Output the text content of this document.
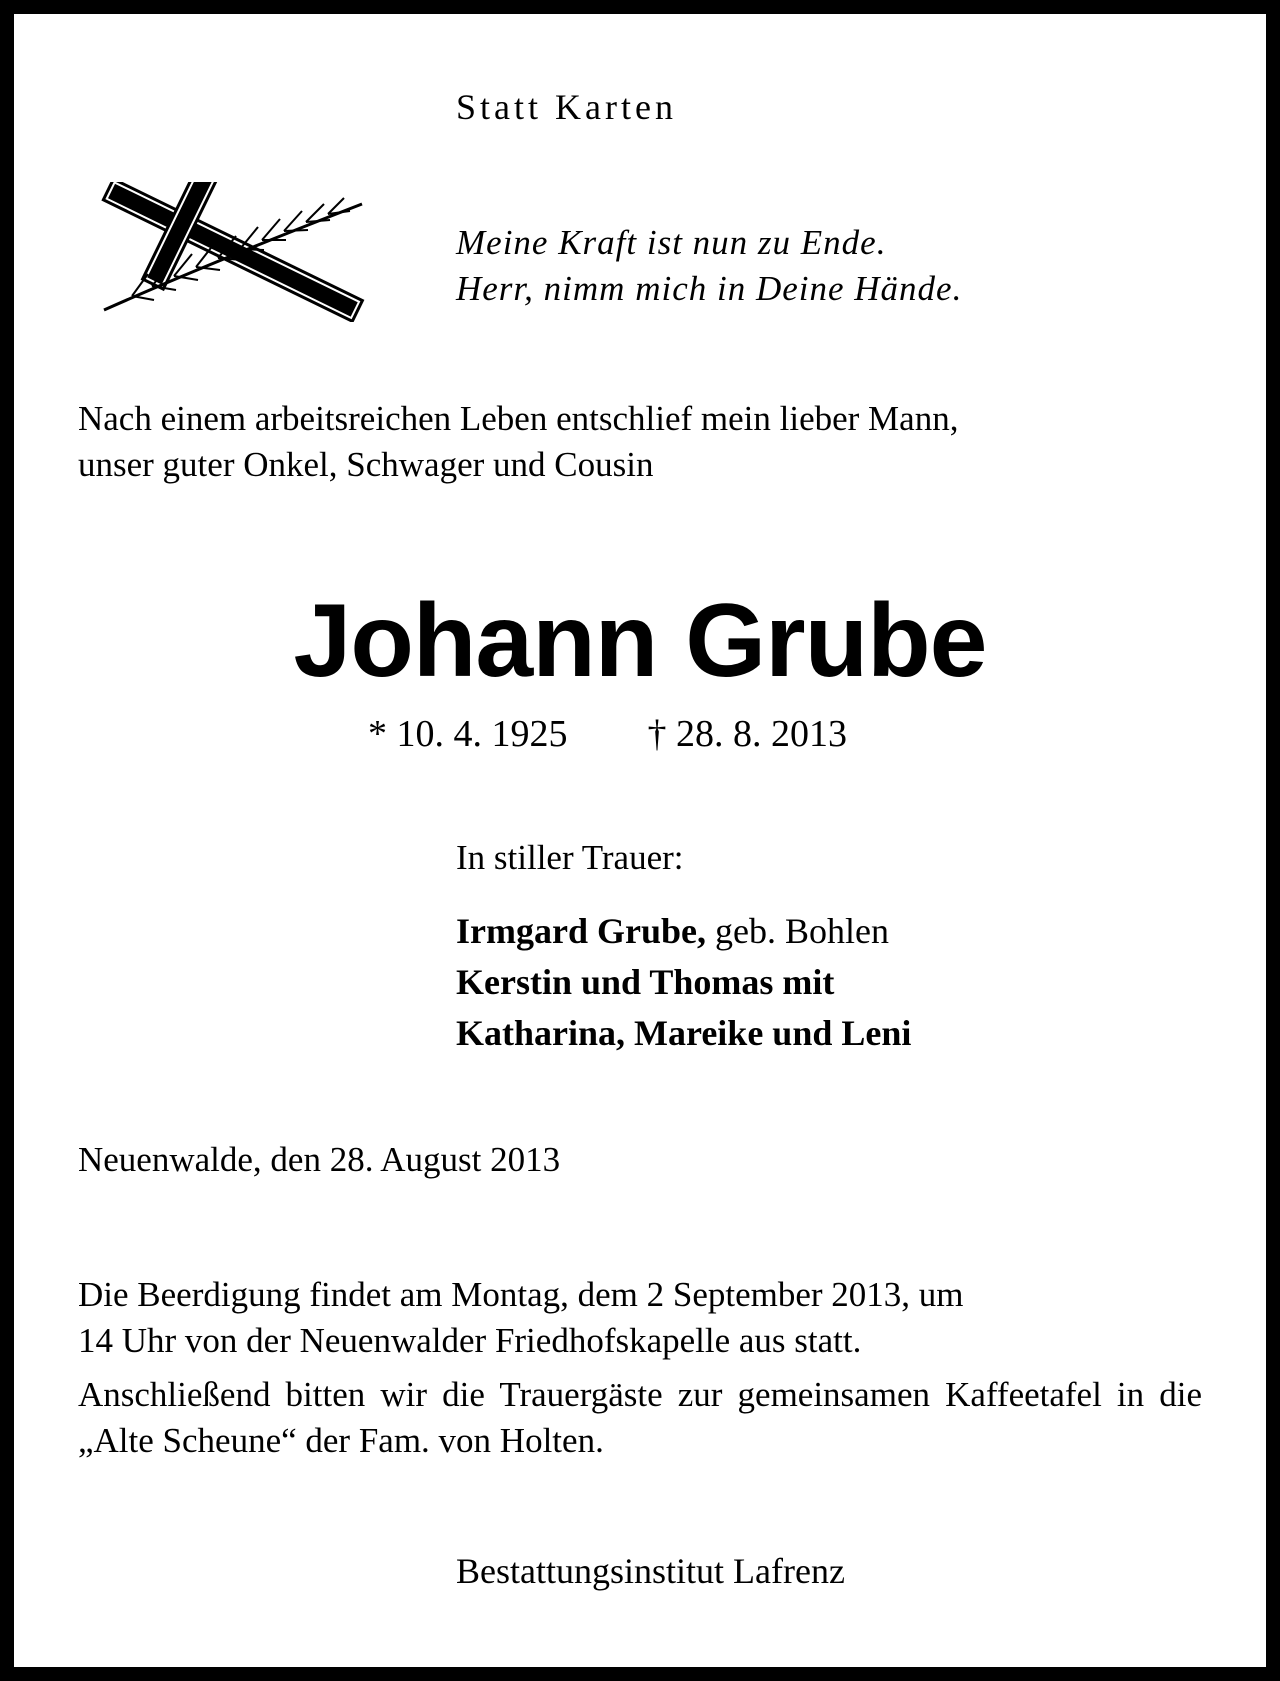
Statt Karten
Meine Kraft ist nun zu Ende.
Herr, nimm mich in Deine Hände.
Nach einem arbeitsreichen Leben entschlief mein lieber Mann,
unser guter Onkel, Schwager und Cousin
Johann Grube
* 10. 4. 1925 † 28. 8. 2013
In stiller Trauer:
Irmgard Grube, geb. Bohlen
Kerstin und Thomas mit
Katharina, Mareike und Leni
Neuenwalde, den 28. August 2013
Die Beerdigung findet am Montag, dem 2 September 2013, um
14 Uhr von der Neuenwalder Friedhofskapelle aus statt.
Anschließend bitten wir die Trauergäste zur gemeinsamen Kaffeetafel in die „Alte Scheune“ der Fam. von Holten.
Bestattungsinstitut Lafrenz
